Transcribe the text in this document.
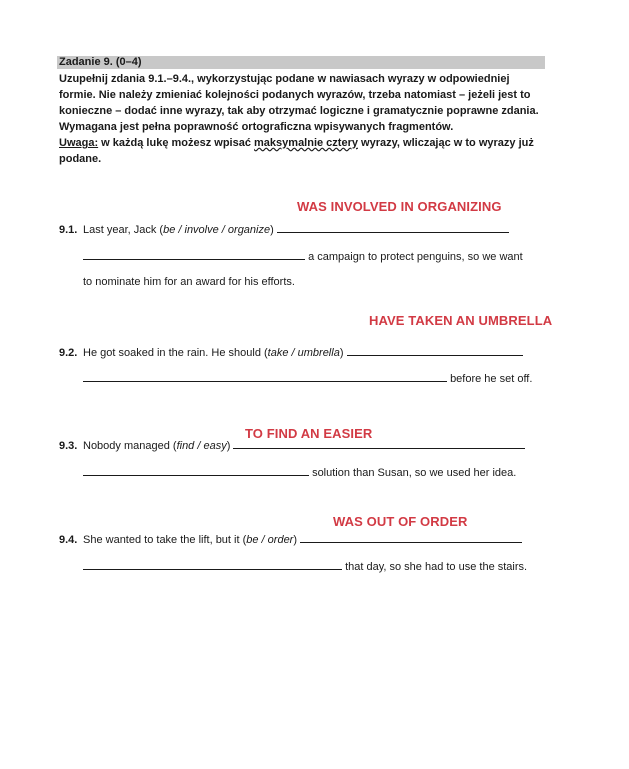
Zadanie 9. (0–4)

Uzupełnij zdania 9.1.–9.4., wykorzystując podane w nawiasach wyrazy w odpowiedniej formie. Nie należy zmieniać kolejności podanych wyrazów, trzeba natomiast – jeżeli jest to konieczne – dodać inne wyrazy, tak aby otrzymać logiczne i gramatycznie poprawne zdania. Wymagana jest pełna poprawność ortograficzna wpisywanych fragmentów.

Uwaga: w każdą lukę możesz wpisać maksymalnie cztery wyrazy, wliczając w to wyrazy już podane.

WAS INVOLVED IN ORGANIZING
9.1. Last year, Jack (be / involve / organize)
a campaign to protect penguins, so we want
to nominate him for an award for his efforts.
HAVE TAKEN AN UMBRELLA
9.2. He got soaked in the rain. He should (take / umbrella)
before he set off.
TO FIND AN EASIER
9.3. Nobody managed (find / easy)
solution than Susan, so we used her idea.
WAS OUT OF ORDER
9.4. She wanted to take the lift, but it (be / order)
that day, so she had to use the stairs.
